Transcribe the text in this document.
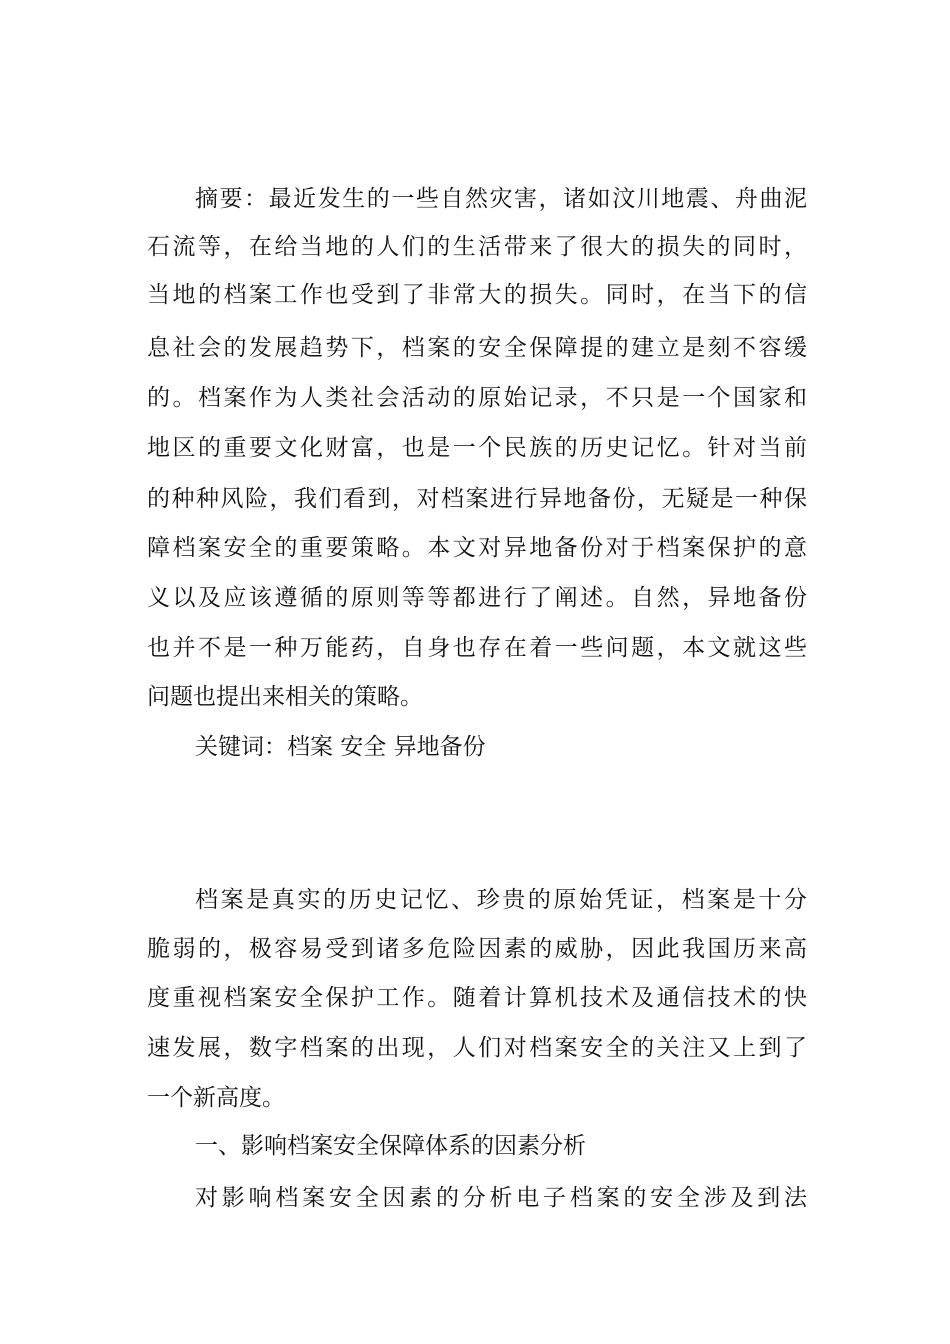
摘要：最近发生的一些自然灾害，诸如汶川地震、舟曲泥
石流等，在给当地的人们的生活带来了很大的损失的同时，
当地的档案工作也受到了非常大的损失。同时，在当下的信
息社会的发展趋势下，档案的安全保障提的建立是刻不容缓
的。档案作为人类社会活动的原始记录，不只是一个国家和
地区的重要文化财富，也是一个民族的历史记忆。针对当前
的种种风险，我们看到，对档案进行异地备份，无疑是一种保
障档案安全的重要策略。本文对异地备份对于档案保护的意
义以及应该遵循的原则等等都进行了阐述。自然，异地备份
也并不是一种万能药，自身也存在着一些问题，本文就这些
问题也提出来相关的策略。
关键词：档案 安全 异地备份
档案是真实的历史记忆、珍贵的原始凭证，档案是十分
脆弱的，极容易受到诸多危险因素的威胁，因此我国历来高
度重视档案安全保护工作。随着计算机技术及通信技术的快
速发展，数字档案的出现，人们对档案安全的关注又上到了
一个新高度。
一、影响档案安全保障体系的因素分析
对影响档案安全因素的分析电子档案的安全涉及到法
